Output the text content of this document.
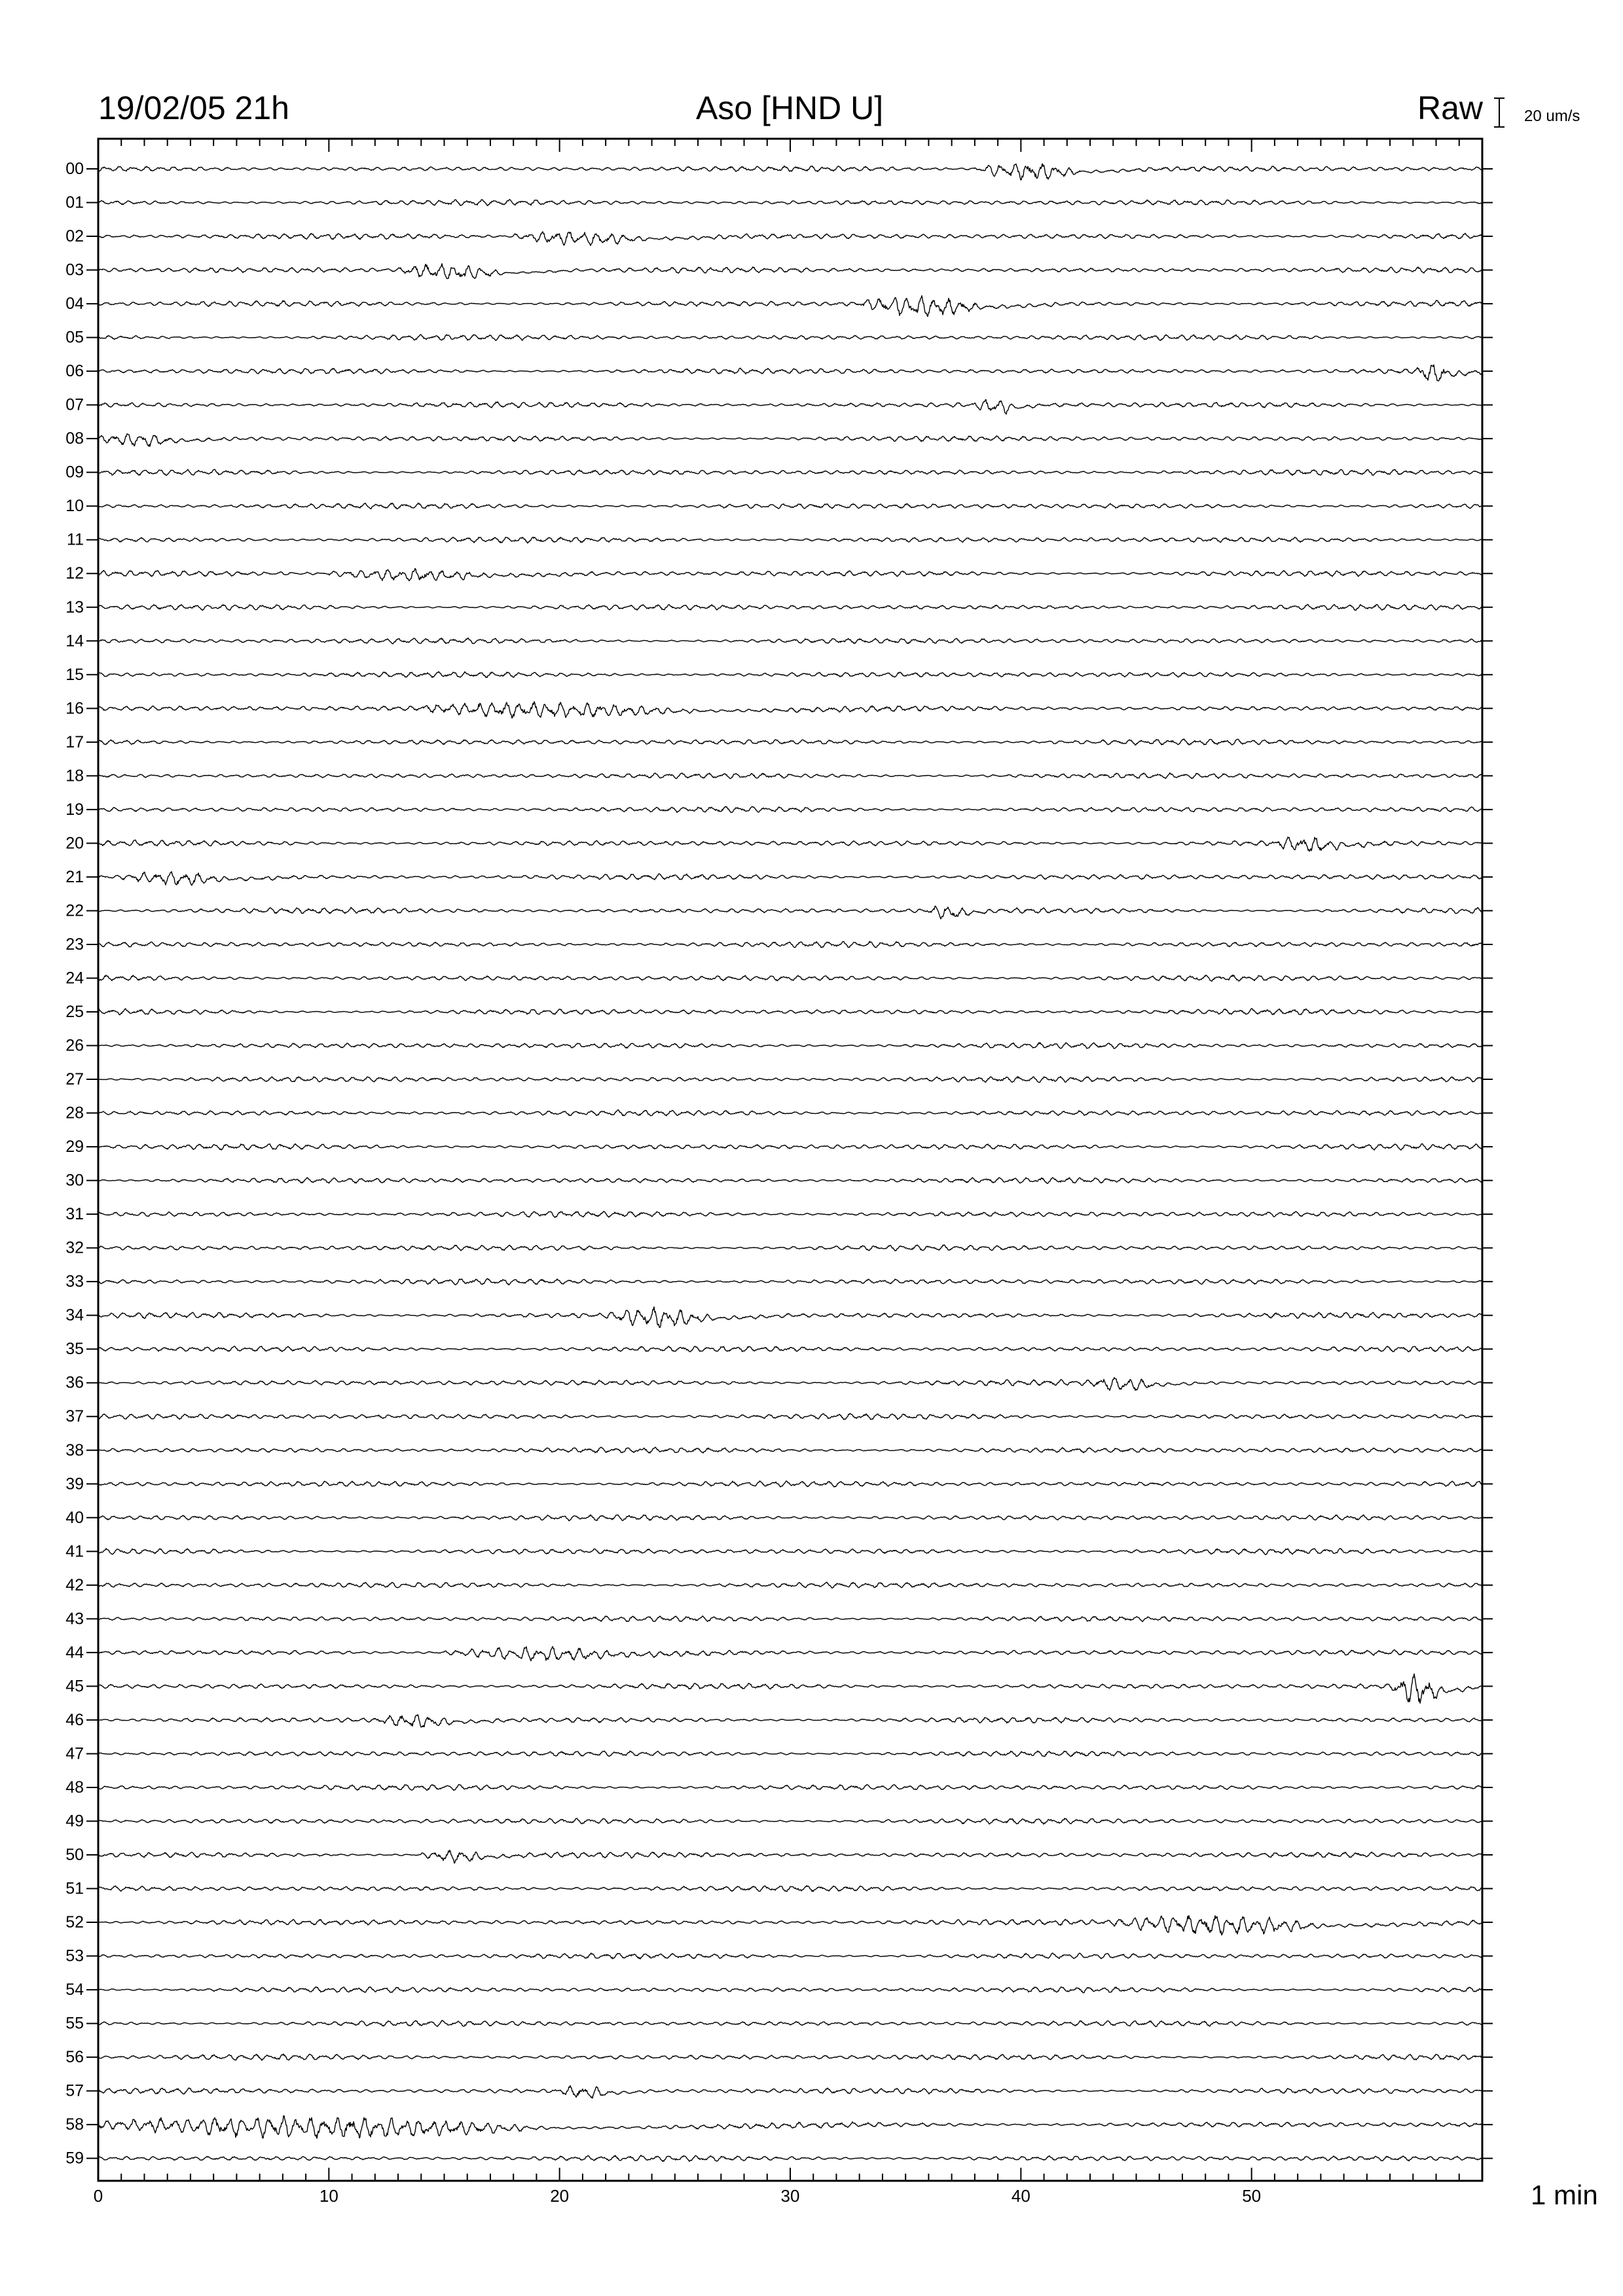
19/02/05 21h	Aso [HND U]	Raw	20 um/s
1 min
0	10	20	30	40	50
00
01
02
03
04
05
06
07
08
09
10
11
12
13
14
15
16
17
18
19
20
21
22
23
24
25
26
27
28
29
30
31
32
33
34
35
36
37
38
39
40
41
42
43
44
45
46
47
48
49
50
51
52
53
54
55
56
57
58
59
